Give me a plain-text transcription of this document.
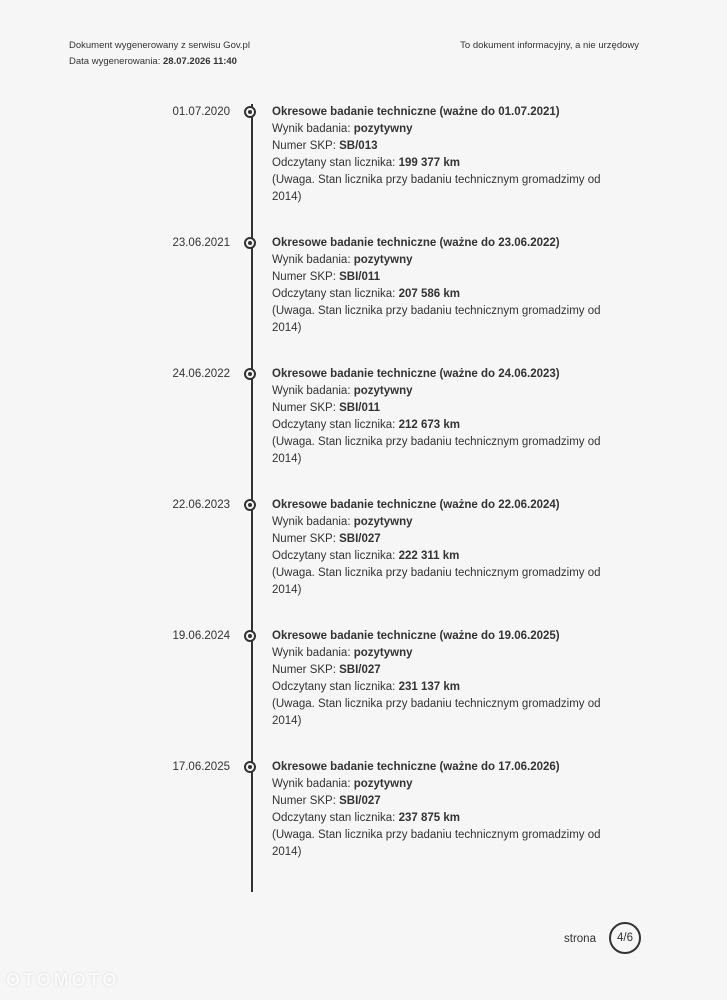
Dokument wygenerowany z serwisu Gov.pl
Data wygenerowania: 28.07.2026 11:40
To dokument informacyjny, a nie urzędowy
01.07.2020	Okresowe badanie techniczne (ważne do 01.07.2021)
Wynik badania: pozytywny
Numer SKP: SB/013
Odczytany stan licznika: 199 377 km
(Uwaga. Stan licznika przy badaniu technicznym gromadzimy od 2014)
23.06.2021	Okresowe badanie techniczne (ważne do 23.06.2022)
Wynik badania: pozytywny
Numer SKP: SBI/011
Odczytany stan licznika: 207 586 km
(Uwaga. Stan licznika przy badaniu technicznym gromadzimy od 2014)
24.06.2022	Okresowe badanie techniczne (ważne do 24.06.2023)
Wynik badania: pozytywny
Numer SKP: SBI/011
Odczytany stan licznika: 212 673 km
(Uwaga. Stan licznika przy badaniu technicznym gromadzimy od 2014)
22.06.2023	Okresowe badanie techniczne (ważne do 22.06.2024)
Wynik badania: pozytywny
Numer SKP: SBI/027
Odczytany stan licznika: 222 311 km
(Uwaga. Stan licznika przy badaniu technicznym gromadzimy od 2014)
19.06.2024	Okresowe badanie techniczne (ważne do 19.06.2025)
Wynik badania: pozytywny
Numer SKP: SBI/027
Odczytany stan licznika: 231 137 km
(Uwaga. Stan licznika przy badaniu technicznym gromadzimy od 2014)
17.06.2025	Okresowe badanie techniczne (ważne do 17.06.2026)
Wynik badania: pozytywny
Numer SKP: SBI/027
Odczytany stan licznika: 237 875 km
(Uwaga. Stan licznika przy badaniu technicznym gromadzimy od 2014)
strona	4/6
OTOMOTO
